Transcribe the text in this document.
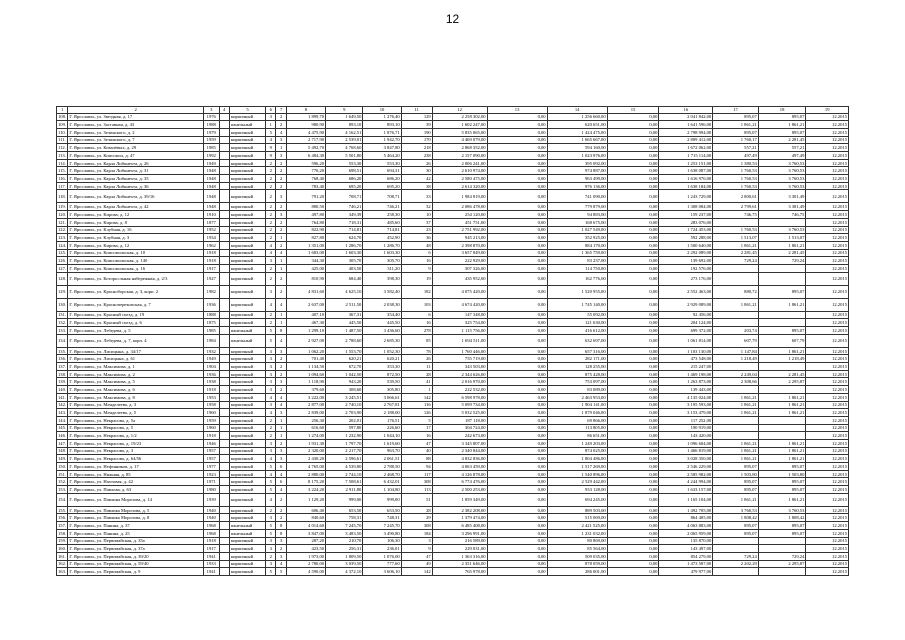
12
1	2	3	4	5	6	7	8	9	10	11	12	13	14	15	16	17	18	19
108.	Г. Ярославль, ул. Звездная, д. 17	1976		кирпичный	3	2	1 899,70	1 649,50	1 276,40	129	2 258 302,00	0,00	1 256 660,00	0,00	2 041 842,00	895,07	895,07	12.2015
109.	Г. Ярославль, ул. Заставная, д. 43	1988		панельный	1	2	980,90	893,10	893,10	39	1 602 247,00	0,00	620 651,00	0,00	1 641 596,00	1 861,21	1 861,21	12.2015
110.	Г. Ярославль, ул. Зелинского, д. 2	1979		кирпичный	5	4	4 475,90	4 162,51	1 876,71	190	5 835 065,00	0,00	1 424 475,00	0,00	2 798 994,00	895,07	895,07	12.2015
111.	Г. Ярославль, ул. Зелинского, д. 7	1959		кирпичный	4	3	2 717,90	2 539,01	1 942,70	170	4 469 079,00	0,00	1 665 667,00	0,00	2 809 412,00	1 760,17	2 281,45	12.2015
112.	Г. Ярославль, ул. Ковалёвых, д. 29	1985		кирпичный	9	1	5 492,70	4 768,60	3 847,80	218	2 868 352,00	0,00	594 160,00	0,00	1 672 062,00	557,21	557,21	12.2015
113.	Г. Ярославль, ул. Комсомол, д. 47	1992		кирпичный	9	3	6 484,30	5 501,80	5 464,20	238	2 157 090,00	0,00	1 023 976,00	0,00	1 715 114,00	497,49	497,49	12.2015
114.	Г. Ярославль, ул. Карла Либкнехта, д. 26	1949		кирпичный	2	2	596,20	553,30	553,30	26	2 006 241,00	0,00	395 092,00	0,00	1 253 151,00	1 380,53	3 760,53	12.2015
115.	Г. Ярославль, ул. Карла Либкнехта, д. 31	1948		кирпичный	2	2	776,20	698,51	694,31	30	2 610 974,00	0,00	974 887,00	0,00	1 638 087,00	1 760,53	3 760,53	12.2015
116.	Г. Ярославль, ул. Карла Либкнехта, д. 35	1948		кирпичный	2	2	768,40	686,20	686,20	42	2 580 475,00	0,00	963 499,00	0,00	1 616 976,00	1 760,53	3 760,53	12.2015
117.	Г. Ярославль, ул. Карла Либкнехта, д. 36	1948		кирпичный	2	2	783,40	695,20	695,20	38	2 614 320,00	0,00	976 136,00	0,00	1 638 184,00	1 760,53	3 760,53	12.2015
118.	Г. Ярославль, ул. Карла Либкнехта, д. 39/16	1948		кирпичный	2	3	791,20	708,71	708,71	33	1 984 819,00	0,00	741 090,00	0,00	1 243 729,00	2 800,61	3 301,49	12.2015
119.	Г. Ярославль, ул. Карла Либкнехта, д. 42	1948		кирпичный	2	2	880,50	746,21	746,21	32	2 086 478,00	0,00	779 879,00	0,00	1 308 084,00	2 799,61	3 381,49	12.2015
120.	Г. Ярославль, ул. Кирова, д. 12	1910		кирпичный	2	3	497,80	349,39	258,30	10	254 120,00	0,00	94 883,00	0,00	159 237,00	746,75	746,75	12.2015
121.	Г. Ярославль, ул. Кирова, д. 8	1877		кирпичный	2	2	764,80	718,31	485,60	37	451 751,00	0,00	168 675,00	0,00	283 076,00			12.2015
122.	Г. Ярославль, ул. Клубная, д. 16	1952		кирпичный	2	2	822,90	714,81	714,81	23	2 751 992,00	0,00	1 027 549,00	0,00	1 724 453,00	1 760,53	3 760,53	12.2015
123.	Г. Ярославль, ул. Клубная, д. 3	1934		кирпичный	2	1	827,80	624,70	452,90	36	945 213,00	0,00	352 925,00	0,00	592 288,00	1 513,07	1 513,07	12.2015
124.	Г. Ярославль, ул. Кирова, д. 12	1962		кирпичный	4	2	1 351,00	1 286,70	1 286,70	48	2 398 870,00	0,00	884 170,00	0,00	1 500 640,00	1 861,21	1 861,21	12.2015
125.	Г. Ярославль, ул. Комсомольская, д. 10	1918		кирпичный	4	4	1 683,00	1 603,30	1 603,30	6	3 657 849,00	0,00	1 365 759,00	0,00	2 292 089,00	2 281,45	2 281,45	12.2015
126.	Г. Ярославль, ул. Комсомольская, д. 14б	1918		кирпичный	3	1	344,30	305,70	305,70	16	222 929,00	0,00	83 237,00	0,00	139 692,00	729,24	729,24	12.2015
127.	Г. Ярославль, ул. Комсомольская, д. 16	1917		кирпичный	2	1	425,00	403,50	311,20	9	307 326,00	0,00	114 750,00	0,00	192 576,00			12.2015
128.	Г. Ярославль, ул. Которосльная набережная, д. 2/3	1927		кирпичный	2	2	810,90	684,40	398,30	19	435 952,00	0,00	162 776,00	0,00	273 176,00			12.2015
129.	Г. Ярославль, ул. Красноборская, д. 3, корп. 2	1982		кирпичный	3	2	4 831,60	4 625,10	3 582,40	182	4 075 420,00	0,00	1 520 955,00	0,00	2 552 463,00	880,72	895,07	12.2015
130.	Г. Ярославль, ул. Красноперекопская, д. 7	1936		кирпичный	4	4	2 637,00	2 511,50	2 038,30	103	4 674 420,00	0,00	1 745 140,00	0,00	2 929 089,00	1 861,21	1 861,21	12.2015
131.	Г. Ярославль, ул. Красный съезд, д. 19	1888		кирпичный	2	1	407,10	367,31	354,40	6	147 348,00	0,00	55 092,00	0,00	92 456,00			12.2015
132.	Г. Ярославль, ул. Красный съезд, д. 6	1875		кирпичный	2	1	467,30	445,50	445,50	16	325 754,00	0,00	121 630,00	0,00	204 124,00			12.2015
133.	Г. Ярославль, ул. Лебедева, д. 5	1985		панельный	5	8	1 299,10	1 487,50	3 436,60	278	1 115 756,00	0,00	416 612,00	0,00	699 372,00	203,74	895,07	12.2015
134.	Г. Ярославль, ул. Лебедева, д. 7, корп. 4	1984		панельный	5	4	2 927,00	2 788,60	2 685,30	85	1 694 511,00	0,00	632 697,00	0,00	1 061 814,00	607,79	607,79	12.2015
135.	Г. Ярославль, ул. Лисицына, д. 34/17	1932		кирпичный	3	3	1 062,20	1 553,70	1 052,30	78	1 760 446,00	0,00	657 316,00	0,00	1 103 130,00	1 147,84	1 861,21	12.2015
136.	Г. Ярославль, ул. Лисицына, д. 61	1949		кирпичный	3	2	701,40	620,21	620,21	26	755 719,00	0,00	282 171,00	0,00	473 548,00	1 218,49	1 218,49	12.2015
137.	Г. Ярославль, ул. Максимова, д. 1	1904		кирпичный	3	2	1 134,50	672,70	353,30	11	343 503,00	0,00	128 255,00	0,00	215 247,00			12.2015
138.	Г. Ярославль, ул. Максимова, д. 2	1936		кирпичный	3	2	1 094,60	1 042,50	872,50	28	2 344 626,00	0,00	875 428,00	0,00	1 469 198,00	2 249,04	2 281,45	12.2015
139.	Г. Ярославль, ул. Максимова, д. 5	1938		кирпичный	3	3	1 118,90	943,20	539,50	41	2 016 970,00	0,00	753 097,00	0,00	1 263 873,00	2 308,66	2 295,87	12.2015
140.	Г. Ярославль, ул. Максимова, д. 6	1918		кирпичный	3	2	379,60	308,60	305,80	1	222 532,00	0,00	83 089,00	0,00	139 443,00			12.2015
141.	Г. Ярославль, ул. Максимова, д. 8	1953		кирпичный	4	4	3 222,00	3 245,51	3 066,61	142	6 598 978,00	0,00	2 463 953,00	0,00	4 135 024,00	1 861,21	1 861,21	12.2015
142.	Г. Ярославль, ул. Менделеева, д. 3	1958		кирпичный	3	4	2 877,00	2 740,10	2 767,81	116	5 099 734,00	0,00	1 904 141,00	0,00	3 195 593,00	1 861,21	1 861,21	12.2015
143.	Г. Ярославль, ул. Менделеева, д. 5	1960		кирпичный	4	3	2 839,00	2 703,90	2 188,00	126	5 032 525,00	0,00	1 879 046,00	0,00	3 153 479,00	1 861,21	1 861,21	12.2015
144.	Г. Ярославль, ул. Некрасова, д. 5а	1959		кирпичный	2	1	256,30	202,01	176,51	5	187 118,00	0,00	69 866,00	0,00	117 252,00			12.2015
145.	Г. Ярославль, ул. Некрасова, д. 5	1960		кирпичный	2	1	616,60	597,80	226,60	17	304 724,00	0,00	113 805,00	0,00	190 919,00			12.2015
146.	Г. Ярославль, ул. Некрасова, д. 1/2	1918		кирпичный	2	1	1 274,00	1 232,90	1 044,10	16	242 673,00	0,00	86 651,00	0,00	143 420,00			12.2015
147.	Г. Ярославль, ул. Некрасова, д. 19/23	1946		кирпичный	3	2	1 931,30	1 797,70	1 619,60	47	3 345 807,00	0,00	1 249 203,00	0,00	1 096 604,00	1 861,21	1 861,21	12.2015
148.	Г. Ярославль, ул. Некрасова, д. 3	1957		кирпичный	3	3	2 320,00	2 217,70	963,70	40	2 340 844,00	0,00	874 025,00	0,00	1 466 819,00	1 861,21	1 861,21	12.2015
149.	Г. Ярославль, ул. Некрасова, д. 64/56	1957		кирпичный	4	3	2 430,20	2 596,61	2 061,51	88	4 832 836,00	0,00	1 804 486,00	0,00	3 028 350,00	1 861,21	1 861,21	12.2015
150.	Г. Ярославль, ул. Нефтяников, д. 17	1977		кирпичный	5	6	4 765,00	4 539,80	2 788,50	94	4 063 459,00	0,00	1 517 269,00	0,00	2 546 229,00	895,07	895,07	12.2015
151.	Г. Ярославль, ул. Нижняя, д. 85	1923		кирпичный	4	4	2 880,00	2 744,10	2 468,70	117	4 126 878,00	0,00	1 540 896,00	0,00	2 585 982,00	1 503,80	1 503,80	12.2015
152.	Г. Ярославль, ул. Нахтовая, д. 42	1971		кирпичный	5	6	8 175,20	7 508,61	6 432,01	308	6 774 476,00	0,00	2 529 442,00	0,00	4 244 994,00	895,07	895,07	12.2015
153.	Г. Ярославль, ул. Павлова, д. 63	1980		кирпичный	5	4	3 224,20	2 911,80	1 104,80	113	2 500 253,00	0,00	933 128,00	0,00	1 633 157,00	895,07	895,07	12.2015
154.	Г. Ярославль, ул. Павлина Морозова, д. 14	1939		кирпичный	4	2	1 129,20	999,00	999,00	51	1 859 349,00	0,00	694 245,00	0,00	1 165 104,00	1 861,21	1 861,21	12.2015
155.	Г. Ярославль, ул. Павлика Морозова, д. 5	1940		кирпичный	2	2	606,40	653,50	653,50	28	2 382 208,00	0,00	889 503,00	0,00	1 492 705,00	3 760,53	3 760,53	12.2015
156.	Г. Ярославль, ул. Павлика Морозова, д. 8	1940		кирпичный	3	2	840,60	758,31	748,31	29	1 379 474,00	0,00	515 069,00	0,00	864 405,00	1 808,42	1 808,42	12.2015
157.	Г. Ярославль, ул. Панина, д. 37	1968		панельный	5	8	4 014,60	7 245,70	7 245,70	308	6 485 408,00	0,00	2 421 525,00	0,00	4 063 883,00	895,07	895,07	12.2015
158.	Г. Ярославль, ул. Панина, д. 25	1968		панельный	5	8	3 847,00	3 483,50	3 490,80	184	3 296 991,00	0,00	1 231 032,00	0,00	2 065 959,00	895,07	895,07	12.2015
159.	Г. Ярославль, ул. Первомайская, д. 35а	1918		кирпичный	3	3	287,20	210,70	106,30	3	216 589,00	0,00	80 869,00	0,00	135 870,00			12.2015
160.	Г. Ярославль, ул. Первомайская, д. 37а	1917		кирпичный	3	2	423,50	256,31	236,01	9	229 031,00	0,00	85 564,00	0,00	143 497,00			12.2015
161.	Г. Ярославль, ул. Первомайская, д. 39/20	1941		кирпичный	2	3	1 973,00	1 809,50	1 076,00	47	1 363 316,00	0,00	509 035,00	0,00	854 279,00	729,24	729,24	12.2015
162.	Г. Ярославль, ул. Первомайская, д. 59/40	1933		кирпичный	3	4	2 780,00	3 039,50	777,60	49	2 351 646,00	0,00	878 059,00	0,00	1 473 587,00	2 202,29	2 295,87	12.2015
163.	Г. Ярославль, ул. Первомайская, д. 9	1941		кирпичный	5	5	4 590,00	4 372,10	3 606,10	142	765 978,00	0,00	286 001,00	0,00	479 977,00			12.2015
